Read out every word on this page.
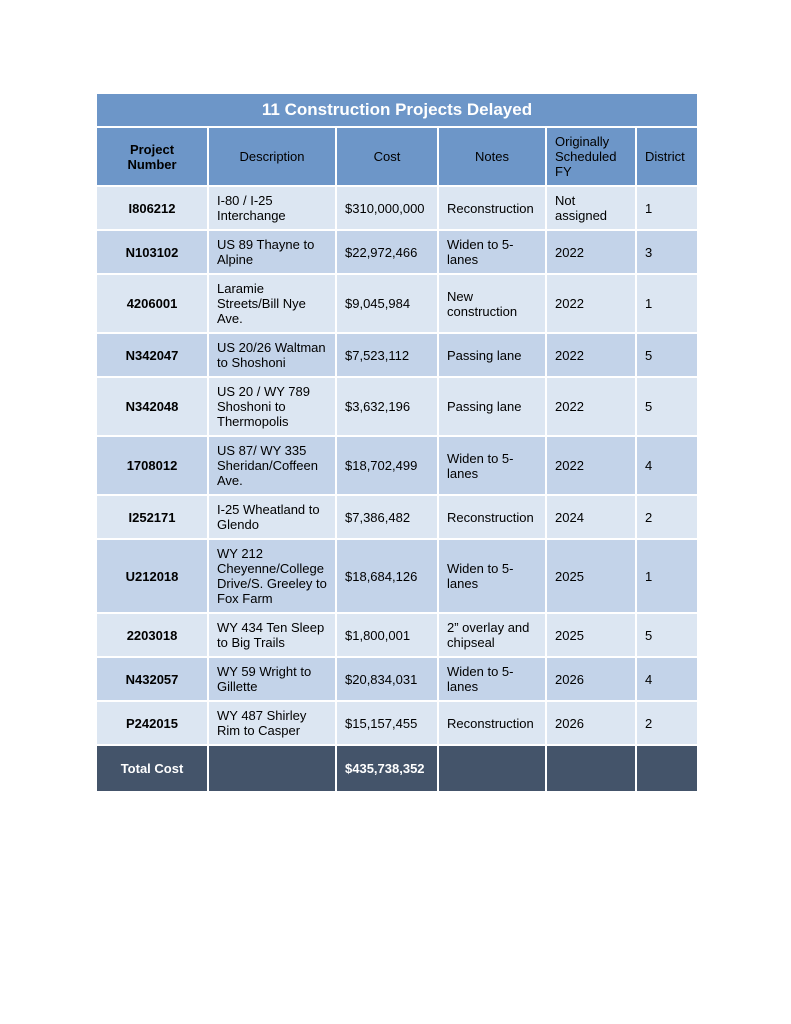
11 Construction Projects Delayed					
Project Number	Description	Cost	Notes	Originally Scheduled FY	District
I806212	I-80 / I-25 Interchange	$310,000,000	Reconstruction	Not assigned	1
N103102	US 89 Thayne to Alpine	$22,972,466	Widen to 5-lanes	2022	3
4206001	Laramie Streets/Bill Nye Ave.	$9,045,984	New construction	2022	1
N342047	US 20/26 Waltman to Shoshoni	$7,523,112	Passing lane	2022	5
N342048	US 20 / WY 789 Shoshoni to Thermopolis	$3,632,196	Passing lane	2022	5
1708012	US 87/ WY 335 Sheridan/Coffeen Ave.	$18,702,499	Widen to 5-lanes	2022	4
I252171	I-25 Wheatland to Glendo	$7,386,482	Reconstruction	2024	2
U212018	WY 212 Cheyenne/College Drive/S. Greeley to Fox Farm	$18,684,126	Widen to 5-lanes	2025	1
2203018	WY 434 Ten Sleep to Big Trails	$1,800,001	2” overlay and chipseal	2025	5
N432057	WY 59 Wright to Gillette	$20,834,031	Widen to 5-lanes	2026	4
P242015	WY 487 Shirley Rim to Casper	$15,157,455	Reconstruction	2026	2
Total Cost		$435,738,352			
